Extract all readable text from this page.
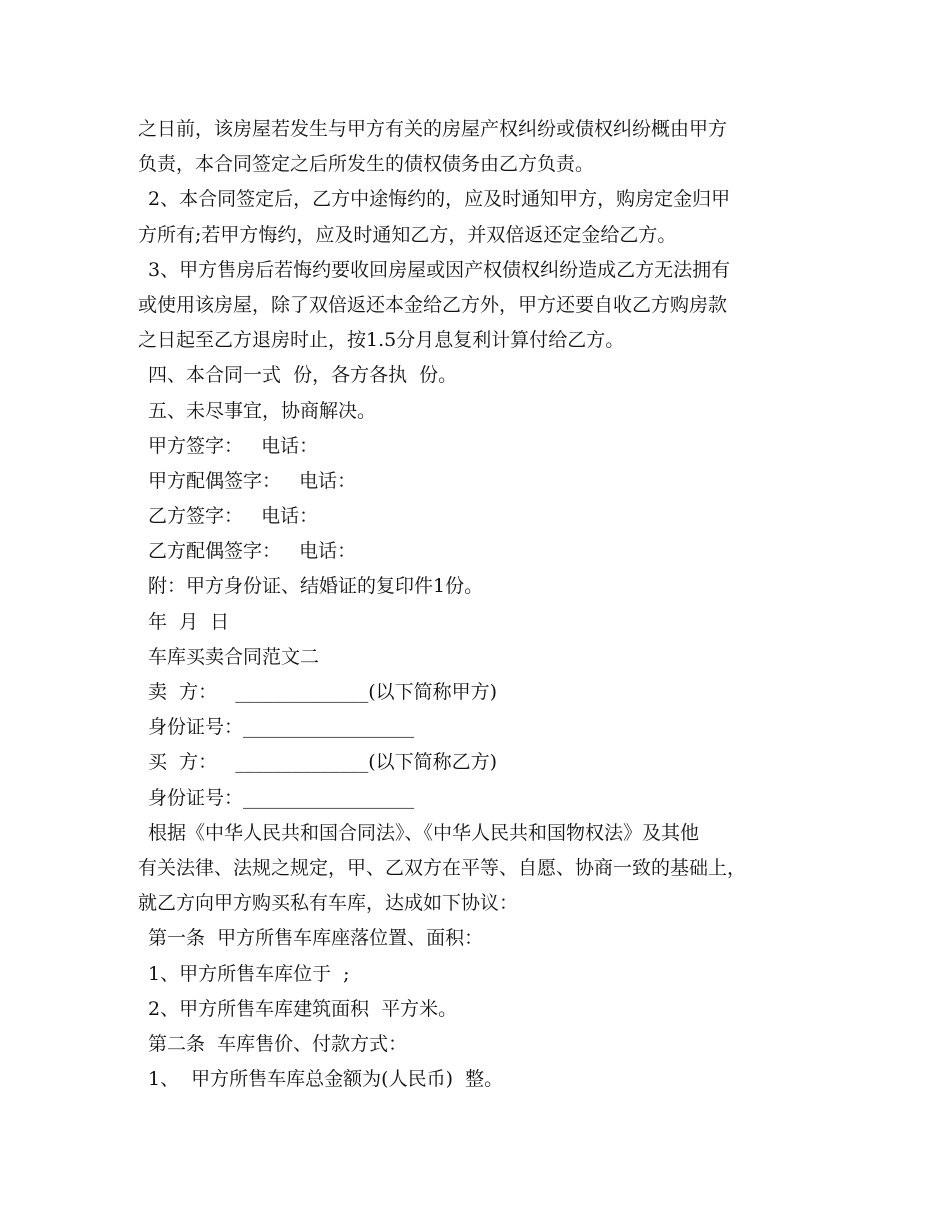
之日前，该房屋若发生与甲方有关的房屋产权纠纷或债权纠纷概由甲方
负责，本合同签定之后所发生的债权债务由乙方负责。
2、本合同签定后，乙方中途悔约的，应及时通知甲方，购房定金归甲
方所有;若甲方悔约，应及时通知乙方，并双倍返还定金给乙方。
3、甲方售房后若悔约要收回房屋或因产权债权纠纷造成乙方无法拥有
或使用该房屋，除了双倍返还本金给乙方外，甲方还要自收乙方购房款
之日起至乙方退房时止，按1.5分月息复利计算付给乙方。
四、本合同一式  份，各方各执  份。
五、未尽事宜，协商解决。
甲方签字：   电话：
甲方配偶签字：   电话：
乙方签字：   电话：
乙方配偶签字：   电话：
附：甲方身份证、结婚证的复印件1份。
年  月  日
车库买卖合同范文二
卖  方：   ______________(以下简称甲方)
身份证号：__________________
买  方：   ______________(以下简称乙方)
身份证号：__________________
根据《中华人民共和国合同法》、《中华人民共和国物权法》及其他
有关法律、法规之规定，甲、乙双方在平等、自愿、协商一致的基础上，
就乙方向甲方购买私有车库，达成如下协议：
第一条  甲方所售车库座落位置、面积：
1、甲方所售车库位于  ;
2、甲方所售车库建筑面积  平方米。
第二条  车库售价、付款方式：
1、  甲方所售车库总金额为(人民币)  整。
